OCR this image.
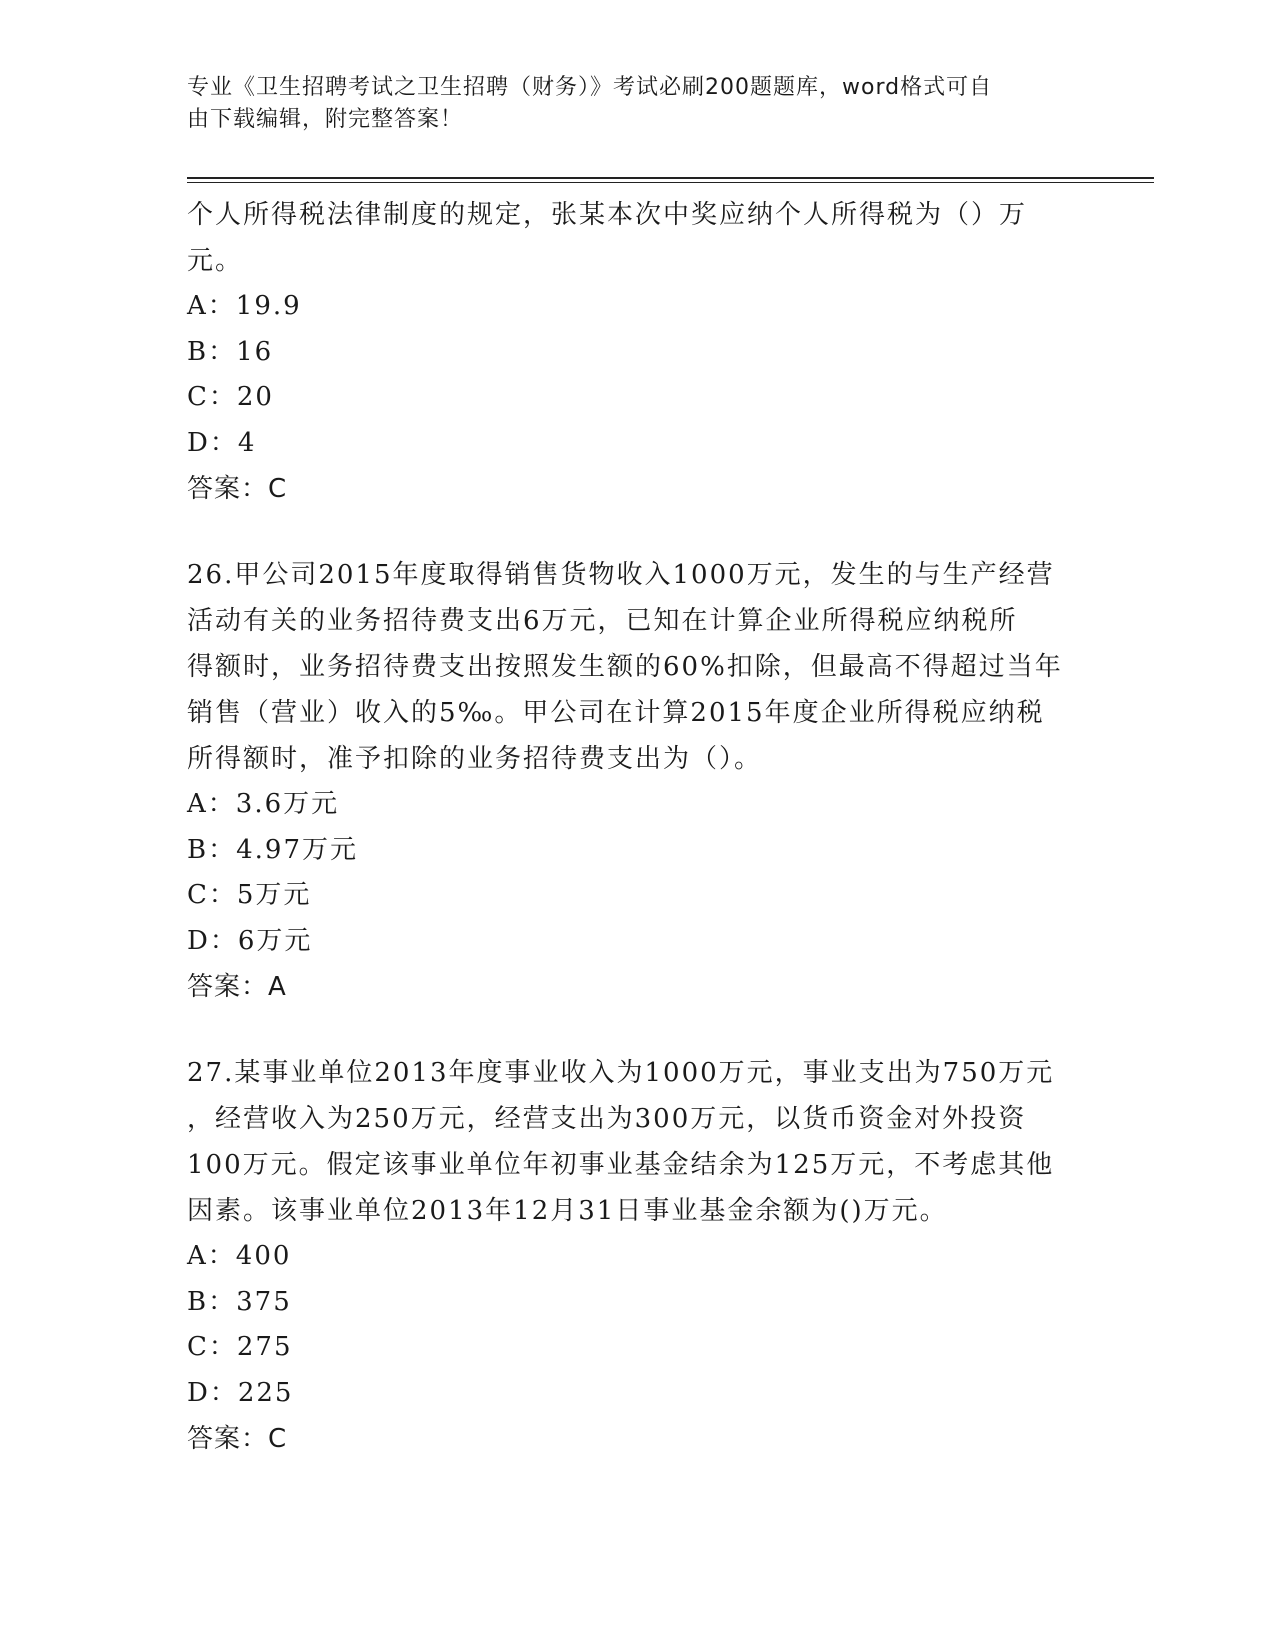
专业《卫生招聘考试之卫生招聘（财务）》考试必刷200题题库，word格式可自
由下载编辑，附完整答案！

个人所得税法律制度的规定，张某本次中奖应纳个人所得税为（）万

元。

A：19.9

B：16

C：20

D：4

答案：C

26.甲公司2015年度取得销售货物收入1000万元，发生的与生产经营

活动有关的业务招待费支出6万元，已知在计算企业所得税应纳税所

得额时，业务招待费支出按照发生额的60%扣除，但最高不得超过当年

销售（营业）收入的5‰。甲公司在计算2015年度企业所得税应纳税

所得额时，准予扣除的业务招待费支出为（）。

A：3.6万元

B：4.97万元

C：5万元

D：6万元

答案：A

27.某事业单位2013年度事业收入为1000万元，事业支出为750万元

，经营收入为250万元，经营支出为300万元，以货币资金对外投资

100万元。假定该事业单位年初事业基金结余为125万元，不考虑其他

因素。该事业单位2013年12月31日事业基金余额为()万元。

A：400

B：375

C：275

D：225

答案：C
